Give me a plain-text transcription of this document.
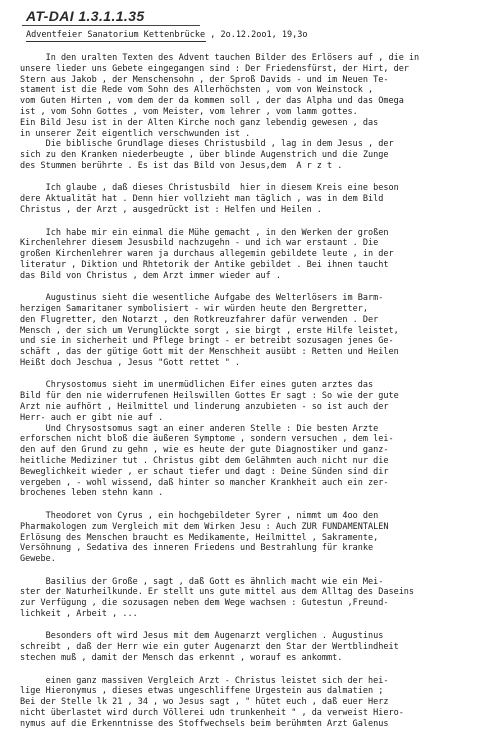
AT-DAI 1.3.1.1.35
Adventfeier Sanatorium Kettenbrücke , 2o.12.2oo1, 19,3o
In den uralten Texten des Advent tauchen Bilder des Erlösers auf , die in
unsere lieder uns Gebete eingegangen sind : Der Friedensfürst, der Hirt, der
Stern aus Jakob , der Menschensohn , der Sproß Davids - und im Neuen Te-
stament ist die Rede vom Sohn des Allerhöchsten , vom von Weinstock ,
vom Guten Hirten , vom dem der da kommen soll , der das Alpha und das Omega
ist , vom Sohn Gottes , vom Meister, vom lehrer , vom lamm gottes.
Ein Bild Jesu ist in der Alten Kirche noch ganz lebendig gewesen , das
in unserer Zeit eigentlich verschwunden ist .
Die biblische Grundlage dieses Christusbild , lag in dem Jesus , der
sich zu den Kranken niederbeugte , über blinde Augenstrich und die Zunge
des Stummen berührte . Es ist das Bild von Jesus,dem  A r z t .
Ich glaube , daß dieses Christusbild  hier in diesem Kreis eine beson
dere Aktualität hat . Denn hier vollzieht man täglich , was in dem Bild
Christus , der Arzt , ausgedrückt ist : Helfen und Heilen .
Ich habe mir ein einmal die Mühe gemacht , in den Werken der großen
Kirchenlehrer diesem Jesusbild nachzugehn - und ich war erstaunt . Die
großen Kirchenlehrer waren ja durchaus allegemin gebildete leute , in der
literatur , Diktion und Rhtetorik der Antike gebildet . Bei ihnen taucht
das Bild von Christus , dem Arzt immer wieder auf .
Augustinus sieht die wesentliche Aufgabe des Welterlösers im Barm-
herzigen Samaritaner symbolisiert - wir würden heute den Bergretter,
den Flugretter, den Notarzt , den Rotkreuzfahrer dafür verwenden . Der
Mensch , der sich um Verunglückte sorgt , sie birgt , erste Hilfe leistet,
und sie in sicherheit und Pflege bringt - er betreibt sozusagen jenes Ge-
schäft , das der gütige Gott mit der Menschheit ausübt : Retten und Heilen
Heißt doch Jeschua , Jesus "Gott rettet " .
Chrysostomus sieht im unermüdlichen Eifer eines guten arztes das
Bild für den nie widerrufenen Heilswillen Gottes Er sagt : So wie der gute
Arzt nie aufhört , Heilmittel und linderung anzubieten - so ist auch der
Herr- auch er gibt nie auf .
Und Chrysostsomus sagt an einer anderen Stelle : Die besten Ärzte
erforschen nicht bloß die äußeren Symptome , sondern versuchen , dem lei-
den auf den Grund zu gehn , wie es heute der gute Diagnostiker und ganz-
heitliche Mediziner tut . Christus gibt dem Gelähmten auch nicht nur die
Beweglichkeit wieder , er schaut tiefer und dagt : Deine Sünden sind dir
vergeben , - wohl wissend, daß hinter so mancher Krankheit auch ein zer-
brochenes leben stehn kann .
Theodoret von Cyrus , ein hochgebildeter Syrer , nimmt um 4oo den
Pharmakologen zum Vergleich mit dem Wirken Jesu : Auch ZUR FUNDAMENTALEN
Erlösung des Menschen braucht es Medikamente, Heilmittel , Sakramente,
Versöhnung , Sedativa des inneren Friedens und Bestrahlung für kranke
Gewebe.
Basilius der Große , sagt , daß Gott es ähnlich macht wie ein Mei-
ster der Naturheilkunde. Er stellt uns gute mittel aus dem Alltag des Daseins
zur Verfügung , die sozusagen neben dem Wege wachsen : Gutestun ,Freund-
lichkeit , Arbeit , ...
Besonders oft wird Jesus mit dem Augenarzt verglichen . Augustinus
schreibt , daß der Herr wie ein guter Augenarzt den Star der Wertblindheit
stechen muß , damit der Mensch das erkennt , worauf es ankommt.
einen ganz massiven Vergleich Arzt - Christus leistet sich der hei-
lige Hieronymus , dieses etwas ungeschliffene Urgestein aus dalmatien ;
Bei der Stelle lk 21 , 34 , wo Jesus sagt , " hütet euch , daß euer Herz
nicht überlastet wird durch Völlerei udn trunkenheit " , da verweist Hiero-
nymus auf die Erkenntnisse des Stoffwechsels beim berühmten Arzt Galenus
